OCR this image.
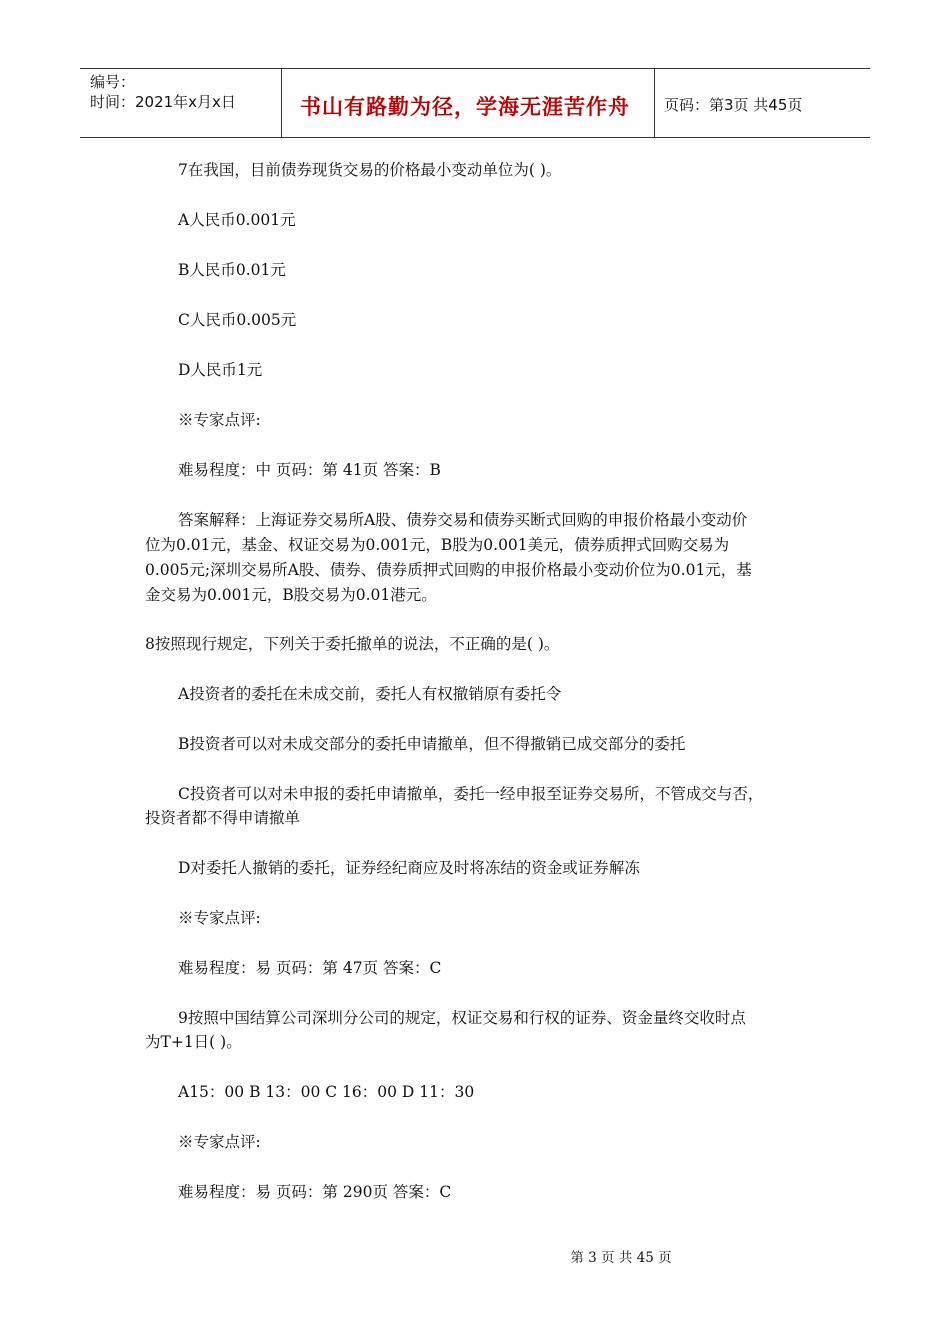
编号：
时间：2021年x月x日	书山有路勤为径，学海无涯苦作舟 页码：第3页 共45页
7在我国，目前债券现货交易的价格最小变动单位为( )。
A人民币0.001元
B人民币0.01元
C人民币0.005元
D人民币1元
※专家点评:
难易程度：中 页码：第 41页 答案：B
答案解释：上海证券交易所A股、债券交易和债券买断式回购的申报价格最小变动价
位为0.01元，基金、权证交易为0.001元，B股为0.001美元，债券质押式回购交易为
0.005元;深圳交易所A股、债券、债券质押式回购的申报价格最小变动价位为0.01元，基
金交易为0.001元，B股交易为0.01港元。
8按照现行规定，下列关于委托撤单的说法，不正确的是( )。
A投资者的委托在未成交前，委托人有权撤销原有委托令
B投资者可以对未成交部分的委托申请撤单，但不得撤销已成交部分的委托
C投资者可以对未申报的委托申请撤单，委托一经申报至证券交易所，不管成交与否，
投资者都不得申请撤单
D对委托人撤销的委托，证券经纪商应及时将冻结的资金或证券解冻
※专家点评:
难易程度：易 页码：第 47页 答案：C
9按照中国结算公司深圳分公司的规定，权证交易和行权的证券、资金量终交收时点
为T+1日( )。
A15：00 B 13：00 C 16：00 D 11：30
※专家点评:
难易程度：易 页码：第 290页 答案：C
第 3 页 共 45 页
